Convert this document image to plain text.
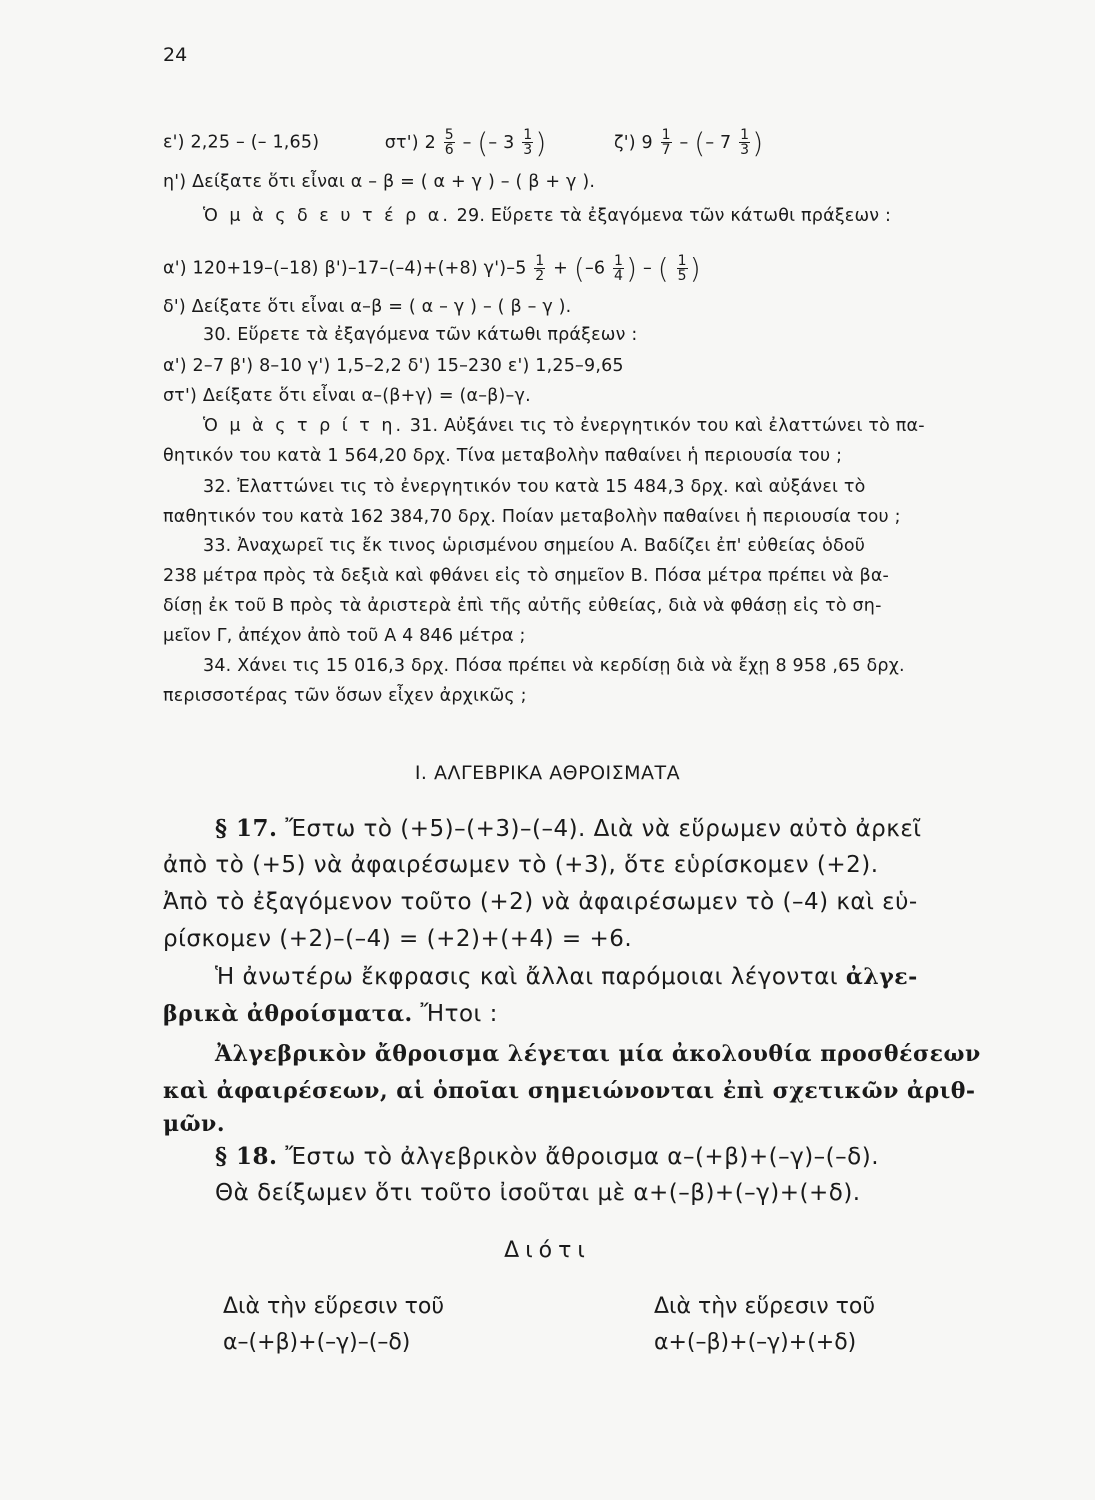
24
ε') 2,25 – (– 1,65)	στ') $2 \frac{5}{6}$ – (– $3 \frac{1}{3}$ )	ζ') $9 \frac{1}{7}$ – (– $7 \frac{1}{3}$ )
η') Δείξατε ὅτι εἶναι α – β = ( α + γ ) – ( β + γ ).
Ὁ μ ὰ ς δ ε υ τ έ ρ α. 29. Εὕρετε τὰ ἐξαγόμενα τῶν κάτωθι πράξεων :
α') 120+19–(–18) β')–17–(–4)+(+8) $\gamma')-5 \frac{1}{2} + (-6 \frac{1}{4}$ ) – ( $\frac{1}{5}$ )
δ') Δείξατε ὅτι εἶναι α–β = ( α – γ ) – ( β – γ ).
30. Εὕρετε τὰ ἐξαγόμενα τῶν κάτωθι πράξεων :
α') 2–7 β') 8–10 γ') 1,5–2,2 δ') 15–230 ε') 1,25–9,65
στ') Δείξατε ὅτι εἶναι α–(β+γ) = (α–β)–γ.
Ὁ μ ὰ ς τ ρ ί τ η. 31. Αὐξάνει τις τὸ ἐνεργητικόν του καὶ ἐλαττώνει τὸ πα-
θητικόν του κατὰ 1 564,20 δρχ. Τίνα μεταβολὴν παθαίνει ἡ περιουσία του ;
32. Ἐλαττώνει τις τὸ ἐνεργητικόν του κατὰ 15 484,3 δρχ. καὶ αὐξάνει τὸ
παθητικόν του κατὰ 162 384,70 δρχ. Ποίαν μεταβολὴν παθαίνει ἡ περιουσία του ;
33. Ἀναχωρεῖ τις ἔκ τινος ὡρισμένου σημείου Α. Βαδίζει ἐπ' εὐθείας ὁδοῦ
238 μέτρα πρὸς τὰ δεξιὰ καὶ φθάνει εἰς τὸ σημεῖον Β. Πόσα μέτρα πρέπει νὰ βα-
δίσῃ ἐκ τοῦ Β πρὸς τὰ ἀριστερὰ ἐπὶ τῆς αὐτῆς εὐθείας, διὰ νὰ φθάσῃ εἰς τὸ ση-
μεῖον Γ, ἀπέχον ἀπὸ τοῦ Α 4 846 μέτρα ;
34. Χάνει τις 15 016,3 δρχ. Πόσα πρέπει νὰ κερδίσῃ διὰ νὰ ἔχῃ 8 958 ,65 δρχ.
περισσοτέρας τῶν ὅσων εἶχεν ἀρχικῶς ;
I. ΑΛΓΕΒΡΙΚΑ ΑΘΡΟΙΣΜΑΤΑ
§ 17. Ἔστω τὸ (+5)–(+3)–(–4). Διὰ νὰ εὕρωμεν αὐτὸ ἀρκεῖ
ἀπὸ τὸ (+5) νὰ ἀφαιρέσωμεν τὸ (+3), ὅτε εὑρίσκομεν (+2).
Ἀπὸ τὸ ἐξαγόμενον τοῦτο (+2) νὰ ἀφαιρέσωμεν τὸ (–4) καὶ εὑ-
ρίσκομεν (+2)–(–4) = (+2)+(+4) = +6.
Ἡ ἀνωτέρω ἔκφρασις καὶ ἄλλαι παρόμοιαι λέγονται ἀλγε-
βρικὰ ἀθροίσματα. Ἤτοι :
Ἀλγεβρικὸν ἄθροισμα λέγεται μία ἀκολουθία προσθέσεων
καὶ ἀφαιρέσεων, αἱ ὁποῖαι σημειώνονται ἐπὶ σχετικῶν ἀριθ-
μῶν.
§ 18. Ἔστω τὸ ἀλγεβρικὸν ἄθροισμα α–(+β)+(–γ)–(–δ).
Θὰ δείξωμεν ὅτι τοῦτο ἰσοῦται μὲ α+(–β)+(–γ)+(+δ).
Διότι
Διὰ τὴν εὕρεσιν τοῦ
α–(+β)+(–γ)–(–δ)
Διὰ τὴν εὕρεσιν τοῦ
α+(–β)+(–γ)+(+δ)
